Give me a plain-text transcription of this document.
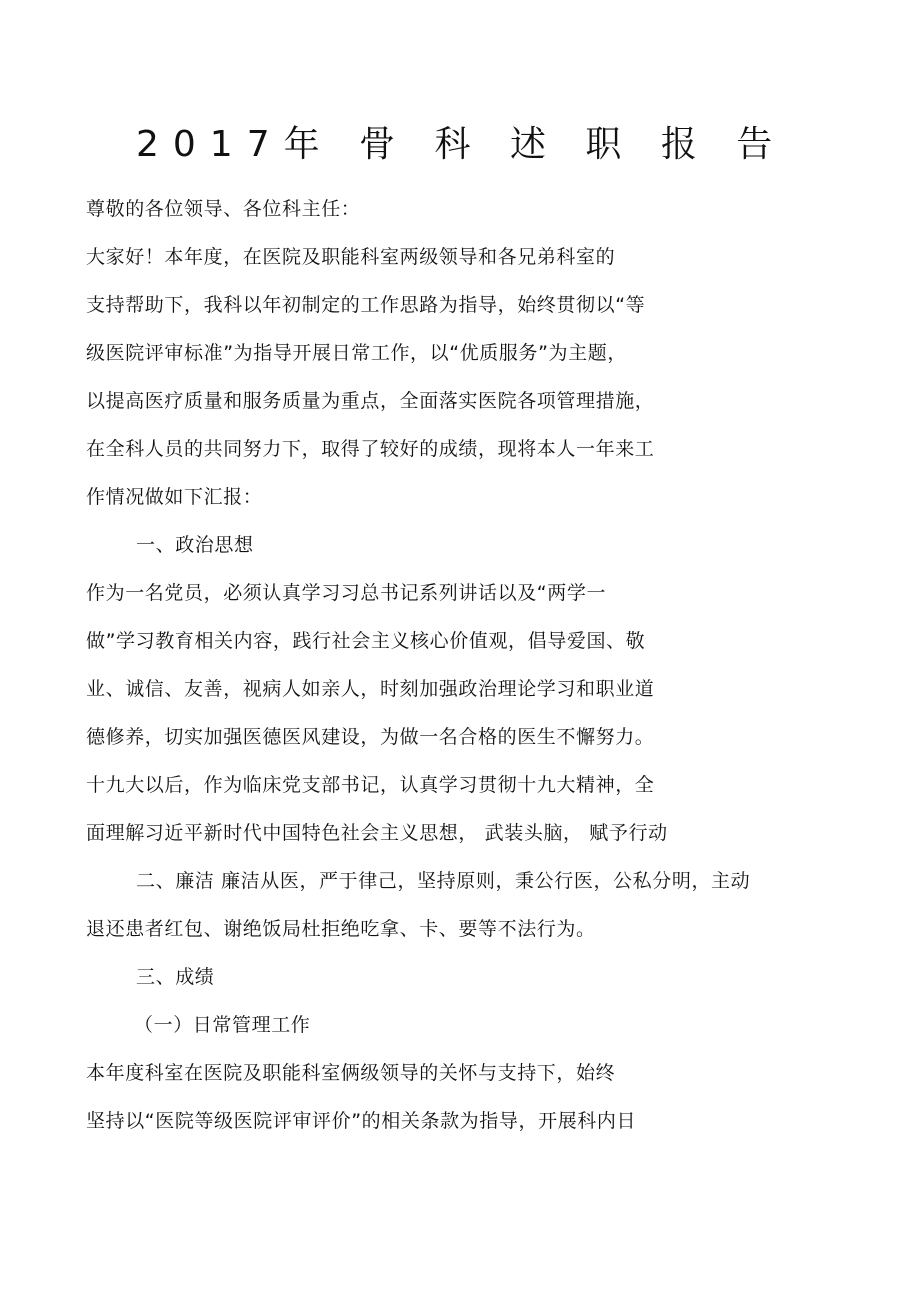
2017年 骨 科 述 职 报 告
尊敬的各位领导、各位科主任：
大家好！本年度，在医院及职能科室两级领导和各兄弟科室的
支持帮助下，我科以年初制定的工作思路为指导，始终贯彻以“等
级医院评审标准”为指导开展日常工作，以“优质服务”为主题，
以提高医疗质量和服务质量为重点，全面落实医院各项管理措施，
在全科人员的共同努力下，取得了较好的成绩，现将本人一年来工
作情况做如下汇报：
一、政治思想
作为一名党员，必须认真学习习总书记系列讲话以及“两学一
做”学习教育相关内容，践行社会主义核心价值观，倡导爱国、敬
业、诚信、友善，视病人如亲人，时刻加强政治理论学习和职业道
德修养，切实加强医德医风建设，为做一名合格的医生不懈努力。
十九大以后，作为临床党支部书记，认真学习贯彻十九大精神，全
面理解习近平新时代中国特色社会主义思想， 武装头脑， 赋予行动
二、廉洁 廉洁从医，严于律己，坚持原则，秉公行医，公私分明，主动
退还患者红包、谢绝饭局杜拒绝吃拿、卡、要等不法行为。
三、成绩
（一）日常管理工作
本年度科室在医院及职能科室俩级领导的关怀与支持下，始终
坚持以“医院等级医院评审评价”的相关条款为指导，开展科内日
